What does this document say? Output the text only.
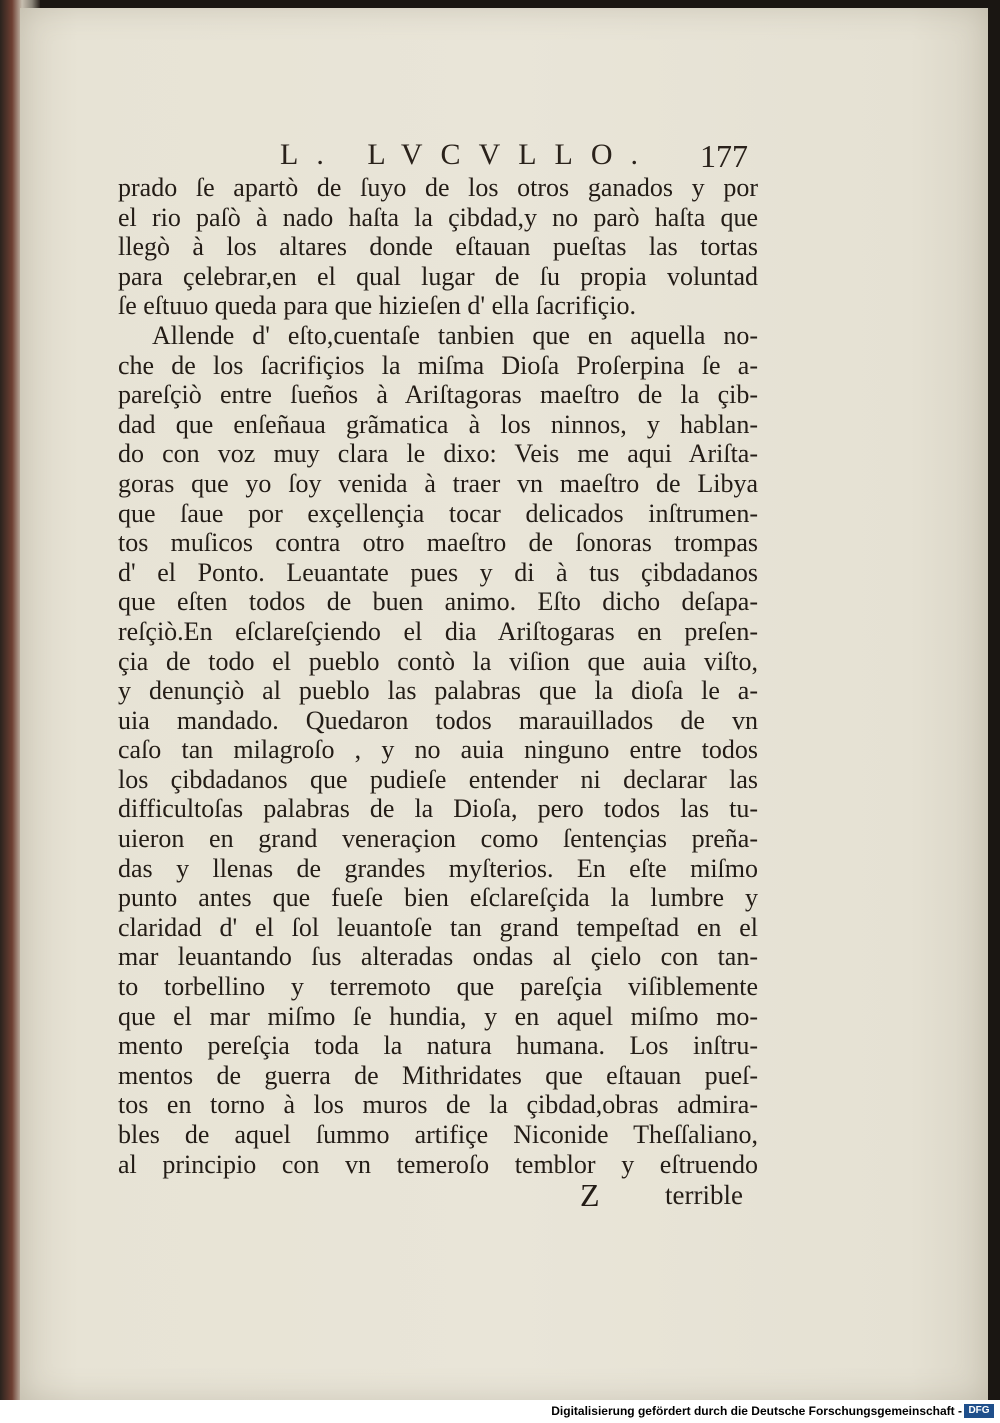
L. LVCVLLO.	177
prado ſe apartò de ſuyo de los otros ganados y por
el rio paſò à nado haſta la çibdad,y no parò haſta que
llegò à los altares donde eſtauan pueſtas las tortas
para çelebrar,en el qual lugar de ſu propia voluntad
ſe eſtuuo queda para que hizieſen d' ella ſacrifiçio.
Allende d' eſto,cuentaſe tanbien que en aquella no-
che de los ſacrifiçios la miſma Dioſa Proſerpina ſe a-
pareſçiò entre ſueños à Ariſtagoras maeſtro de la çib-
dad que enſeñaua grãmatica à los ninnos, y hablan-
do con voz muy clara le dixo: Veis me aqui Ariſta-
goras que yo ſoy venida à traer vn maeſtro de Libya
que ſaue por exçellençia tocar delicados inſtrumen-
tos muſicos contra otro maeſtro de ſonoras trompas
d' el Ponto. Leuantate pues y di à tus çibdadanos
que eſten todos de buen animo. Eſto dicho deſapa-
reſçiò.En eſclareſçiendo el dia Ariſtogaras en preſen-
çia de todo el pueblo contò la viſion que auia viſto,
y denunçiò al pueblo las palabras que la dioſa le a-
uia mandado. Quedaron todos marauillados de vn
caſo tan milagroſo , y no auia ninguno entre todos
los çibdadanos que pudieſe entender ni declarar las
difficultoſas palabras de la Dioſa, pero todos las tu-
uieron en grand veneraçion como ſentençias preña-
das y llenas de grandes myſterios. En eſte miſmo
punto antes que fueſe bien eſclareſçida la lumbre y
claridad d' el ſol leuantoſe tan grand tempeſtad en el
mar leuantando ſus alteradas ondas al çielo con tan-
to torbellino y terremoto que pareſçia viſiblemente
que el mar miſmo ſe hundia, y en aquel miſmo mo-
mento pereſçia toda la natura humana. Los inſtru-
mentos de guerra de Mithridates que eſtauan pueſ-
tos en torno à los muros de la çibdad,obras admira-
bles de aquel ſummo artifiçe Niconide Theſſaliano,
al principio con vn temeroſo temblor y eſtruendo
Z terrible
Digitalisierung gefördert durch die Deutsche Forschungsgemeinschaft - DFG
